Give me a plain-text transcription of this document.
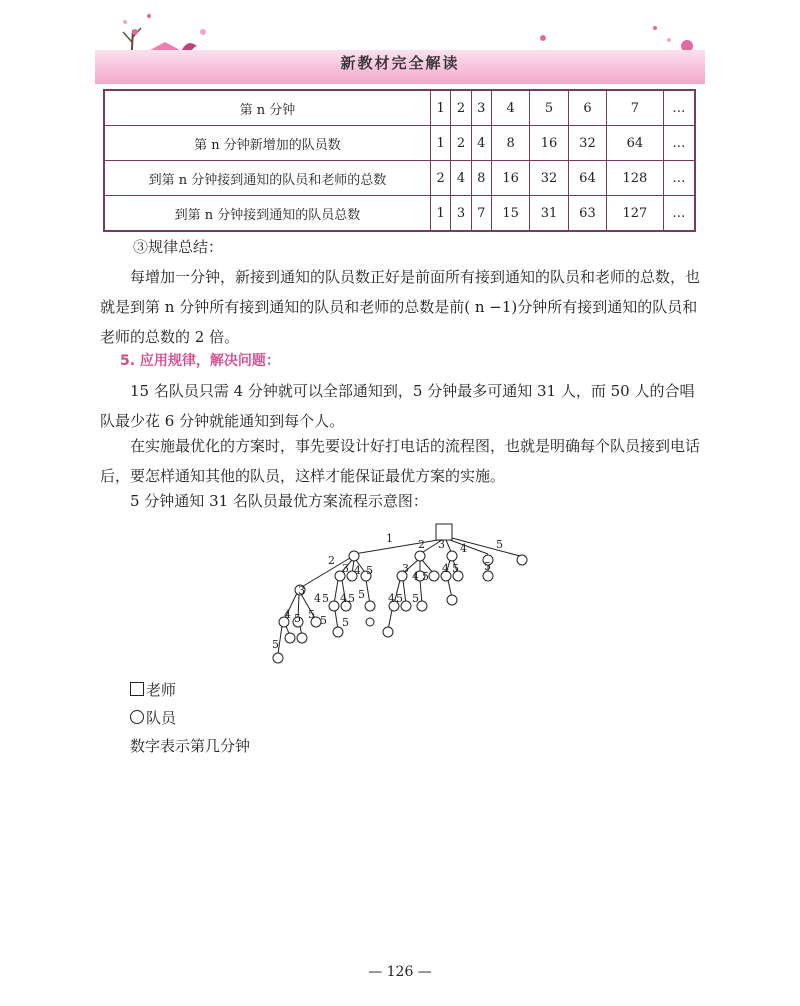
新教材完全解读
第 n 分钟	1	2	3	4	5	6	7	…
第 n 分钟新增加的队员数	1	2	4	8	16	32	64	…
到第 n 分钟接到通知的队员和老师的总数	2	4	8	16	32	64	128	…
到第 n 分钟接到通知的队员总数	1	3	7	15	31	63	127	…
③规律总结：
每增加一分钟，新接到通知的队员数正好是前面所有接到通知的队员和老师的总数，也就是到第 n 分钟所有接到通知的队员和老师的总数是前( n −1)分钟所有接到通知的队员和老师的总数的 2 倍。
5. 应用规律，解决问题：
15 名队员只需 4 分钟就可以全部通知到，5 分钟最多可通知 31 人，而 50 人的合唱队最少花 6 分钟就能通知到每个人。
在实施最优化的方案时，事先要设计好打电话的流程图，也就是明确每个队员接到电话后，要怎样通知其他的队员，这样才能保证最优方案的实施。
5 分钟通知 31 名队员最优方案流程示意图：
1 2 3 4	5
5
2
3 4 5	3
4 5
4 5
3
4 5 4 5 5 4 5 5
4 5 5 5 5
5
老师
队员
数字表示第几分钟
— 126 —
